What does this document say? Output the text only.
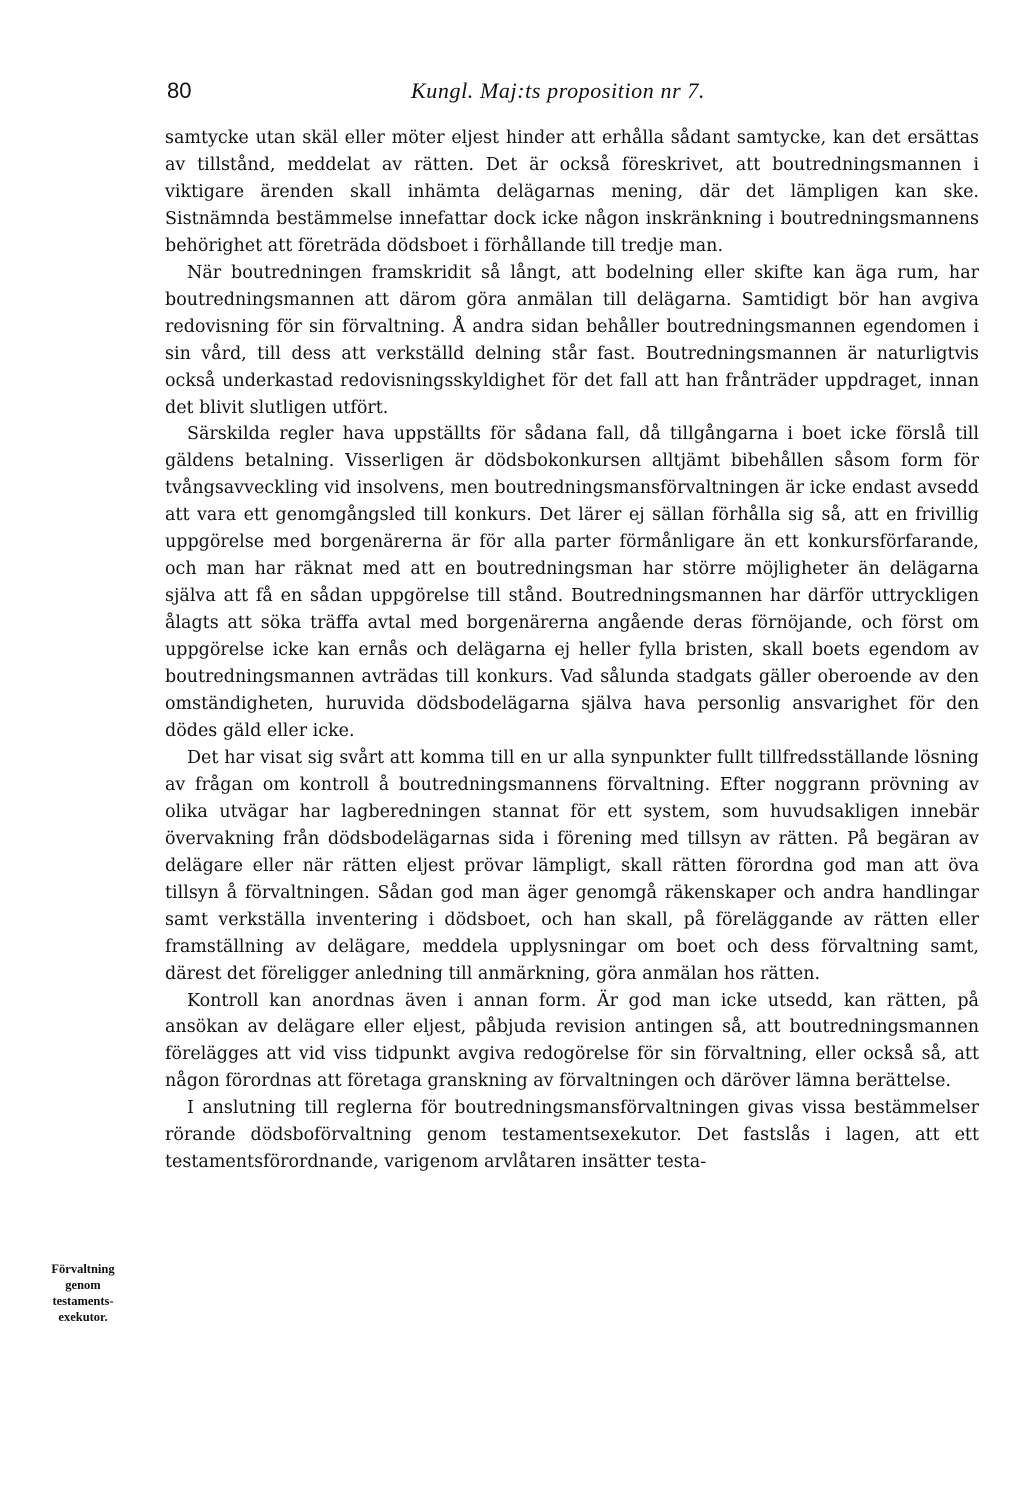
80	Kungl. Maj:ts proposition nr 7.

samtycke utan skäl eller möter eljest hinder att erhålla sådant samtycke, kan det ersättas av tillstånd, meddelat av rätten. Det är också föreskrivet, att boutredningsmannen i viktigare ärenden skall inhämta delägarnas mening, där det lämpligen kan ske. Sistnämnda bestämmelse innefattar dock icke någon inskränkning i boutredningsmannens behörighet att företräda dödsboet i förhållande till tredje man.

När boutredningen framskridit så långt, att bodelning eller skifte kan äga rum, har boutredningsmannen att därom göra anmälan till delägarna. Samtidigt bör han avgiva redovisning för sin förvaltning. Å andra sidan behåller boutredningsmannen egendomen i sin vård, till dess att verkställd delning står fast. Boutredningsmannen är naturligtvis också underkastad redovisningsskyldighet för det fall att han frånträder uppdraget, innan det blivit slutligen utfört.

Särskilda regler hava uppställts för sådana fall, då tillgångarna i boet icke förslå till gäldens betalning. Visserligen är dödsbokonkursen alltjämt bibehållen såsom form för tvångsavveckling vid insolvens, men boutredningsmansförvaltningen är icke endast avsedd att vara ett genomgångsled till konkurs. Det lärer ej sällan förhålla sig så, att en frivillig uppgörelse med borgenärerna är för alla parter förmånligare än ett konkursförfarande, och man har räknat med att en boutredningsman har större möjligheter än delägarna själva att få en sådan uppgörelse till stånd. Boutredningsmannen har därför uttryckligen ålagts att söka träffa avtal med borgenärerna angående deras förnöjande, och först om uppgörelse icke kan ernås och delägarna ej heller fylla bristen, skall boets egendom av boutredningsmannen avträdas till konkurs. Vad sålunda stadgats gäller oberoende av den omständigheten, huruvida dödsbodelägarna själva hava personlig ansvarighet för den dödes gäld eller icke.

Det har visat sig svårt att komma till en ur alla synpunkter fullt tillfredsställande lösning av frågan om kontroll å boutredningsmannens förvaltning. Efter noggrann prövning av olika utvägar har lagberedningen stannat för ett system, som huvudsakligen innebär övervakning från dödsbodelägarnas sida i förening med tillsyn av rätten. På begäran av delägare eller när rätten eljest prövar lämpligt, skall rätten förordna god man att öva tillsyn å förvaltningen. Sådan god man äger genomgå räkenskaper och andra handlingar samt verkställa inventering i dödsboet, och han skall, på föreläggande av rätten eller framställning av delägare, meddela upplysningar om boet och dess förvaltning samt, därest det föreligger anledning till anmärkning, göra anmälan hos rätten.

Kontroll kan anordnas även i annan form. Är god man icke utsedd, kan rätten, på ansökan av delägare eller eljest, påbjuda revision antingen så, att boutredningsmannen förelägges att vid viss tidpunkt avgiva redogörelse för sin förvaltning, eller också så, att någon förordnas att företaga granskning av förvaltningen och däröver lämna berättelse.

I anslutning till reglerna för boutredningsmansförvaltningen givas vissa bestämmelser rörande dödsboförvaltning genom testamentsexekutor. Det fastslås i lagen, att ett testamentsförordnande, varigenom arvlåtaren insätter testa-

Förvaltning
genom
testaments-
exekutor.
